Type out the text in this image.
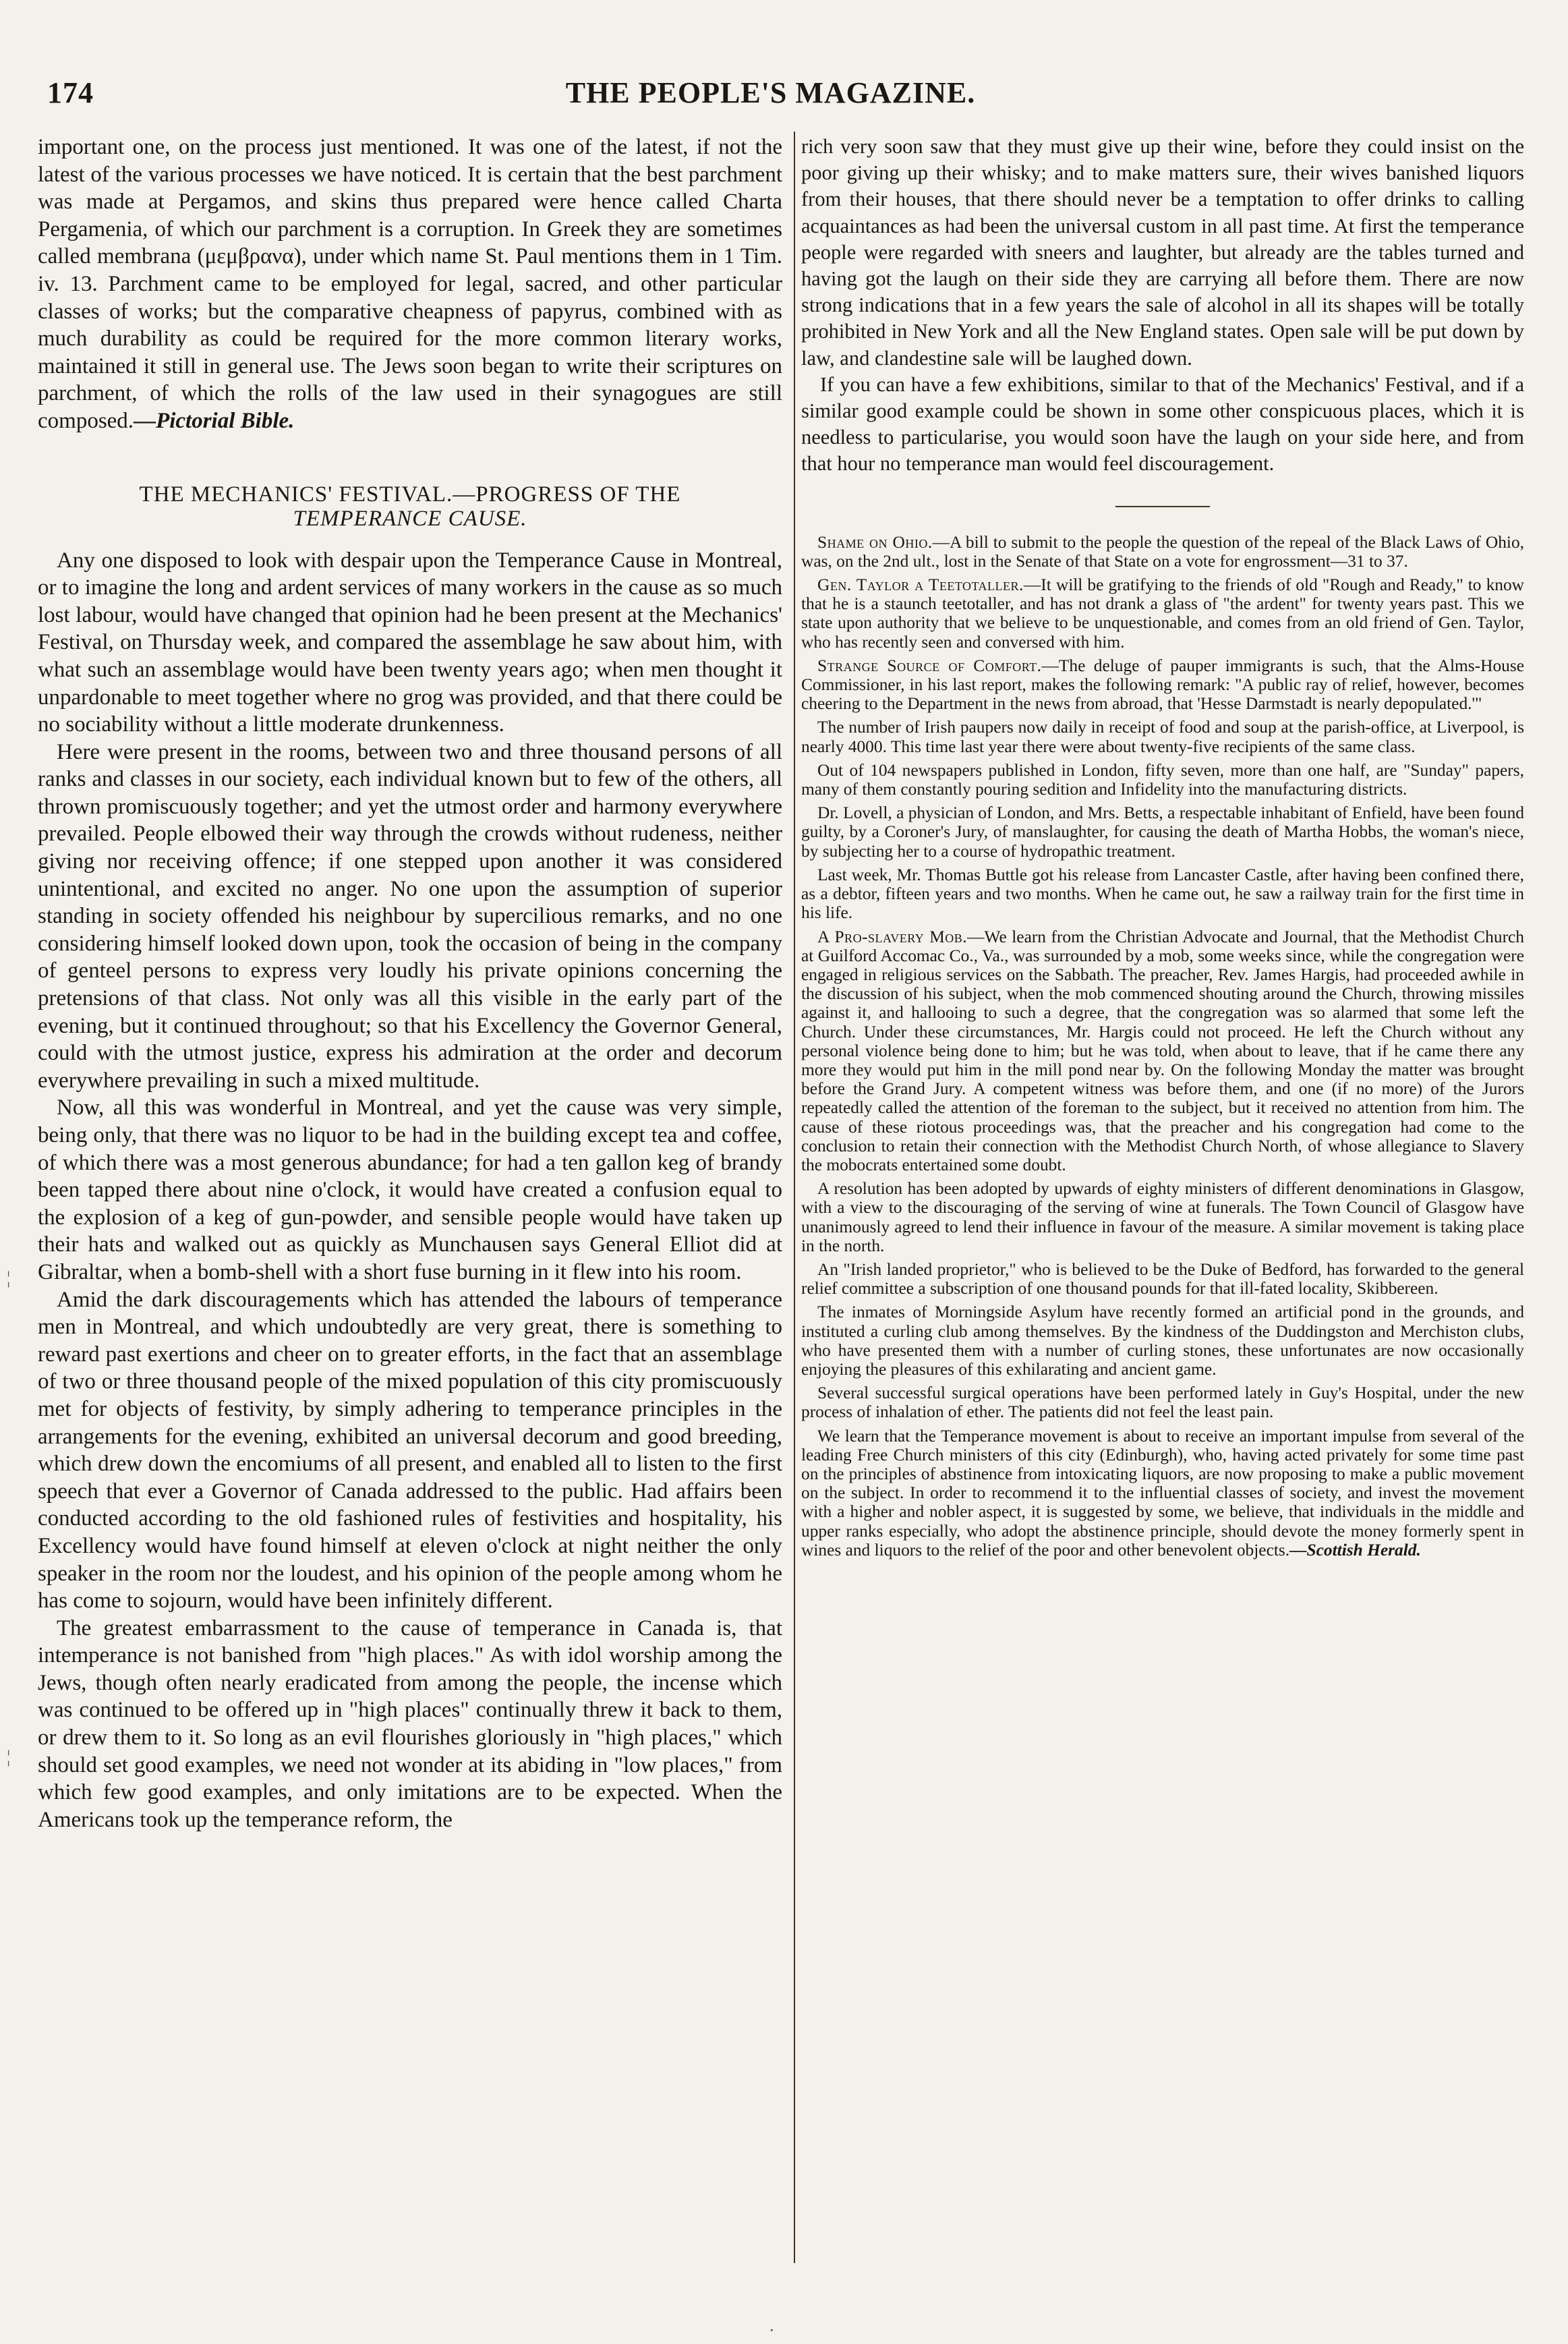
174	THE PEOPLE'S MAGAZINE.

important one, on the process just mentioned. It was one of the latest, if not the latest of the various processes we have noticed. It is certain that the best parchment was made at Pergamos, and skins thus prepared were hence called Charta Pergamenia, of which our parchment is a corruption. In Greek they are sometimes called membrana (μεμβρανα), under which name St. Paul mentions them in 1 Tim. iv. 13. Parchment came to be employed for legal, sacred, and other particular classes of works; but the comparative cheapness of papyrus, combined with as much durability as could be required for the more common literary works, maintained it still in general use. The Jews soon began to write their scriptures on parchment, of which the rolls of the law used in their synagogues are still composed.—Pictorial Bible.

THE MECHANICS' FESTIVAL.—PROGRESS OF THE
TEMPERANCE CAUSE.

Any one disposed to look with despair upon the Temperance Cause in Montreal, or to imagine the long and ardent services of many workers in the cause as so much lost labour, would have changed that opinion had he been present at the Mechanics' Festival, on Thursday week, and compared the assemblage he saw about him, with what such an assemblage would have been twenty years ago; when men thought it unpardonable to meet together where no grog was provided, and that there could be no sociability without a little moderate drunkenness.

Here were present in the rooms, between two and three thousand persons of all ranks and classes in our society, each individual known but to few of the others, all thrown promiscuously together; and yet the utmost order and harmony everywhere prevailed. People elbowed their way through the crowds without rudeness, neither giving nor receiving offence; if one stepped upon another it was considered unintentional, and excited no anger. No one upon the assumption of superior standing in society offended his neighbour by supercilious remarks, and no one considering himself looked down upon, took the occasion of being in the company of genteel persons to express very loudly his private opinions concerning the pretensions of that class. Not only was all this visible in the early part of the evening, but it continued throughout; so that his Excellency the Governor General, could with the utmost justice, express his admiration at the order and decorum everywhere prevailing in such a mixed multitude.

Now, all this was wonderful in Montreal, and yet the cause was very simple, being only, that there was no liquor to be had in the building except tea and coffee, of which there was a most generous abundance; for had a ten gallon keg of brandy been tapped there about nine o'clock, it would have created a confusion equal to the explosion of a keg of gun-powder, and sensible people would have taken up their hats and walked out as quickly as Munchausen says General Elliot did at Gibraltar, when a bomb-shell with a short fuse burning in it flew into his room.

Amid the dark discouragements which has attended the labours of temperance men in Montreal, and which undoubtedly are very great, there is something to reward past exertions and cheer on to greater efforts, in the fact that an assemblage of two or three thousand people of the mixed population of this city promiscuously met for objects of festivity, by simply adhering to temperance principles in the arrangements for the evening, exhibited an universal decorum and good breeding, which drew down the encomiums of all present, and enabled all to listen to the first speech that ever a Governor of Canada addressed to the public. Had affairs been conducted according to the old fashioned rules of festivities and hospitality, his Excellency would have found himself at eleven o'clock at night neither the only speaker in the room nor the loudest, and his opinion of the people among whom he has come to sojourn, would have been infinitely different.

The greatest embarrassment to the cause of temperance in Canada is, that intemperance is not banished from "high places." As with idol worship among the Jews, though often nearly eradicated from among the people, the incense which was continued to be offered up in "high places" continually threw it back to them, or drew them to it. So long as an evil flourishes gloriously in "high places," which should set good examples, we need not wonder at its abiding in "low places," from which few good examples, and only imitations are to be expected. When the Americans took up the temperance reform, the

rich very soon saw that they must give up their wine, before they could insist on the poor giving up their whisky; and to make matters sure, their wives banished liquors from their houses, that there should never be a temptation to offer drinks to calling acquaintances as had been the universal custom in all past time. At first the temperance people were regarded with sneers and laughter, but already are the tables turned and having got the laugh on their side they are carrying all before them. There are now strong indications that in a few years the sale of alcohol in all its shapes will be totally prohibited in New York and all the New England states. Open sale will be put down by law, and clandestine sale will be laughed down.

If you can have a few exhibitions, similar to that of the Mechanics' Festival, and if a similar good example could be shown in some other conspicuous places, which it is needless to particularise, you would soon have the laugh on your side here, and from that hour no temperance man would feel discouragement.

Shame on Ohio.—A bill to submit to the people the question of the repeal of the Black Laws of Ohio, was, on the 2nd ult., lost in the Senate of that State on a vote for engrossment—31 to 37.

Gen. Taylor a Teetotaller.—It will be gratifying to the friends of old "Rough and Ready," to know that he is a staunch teetotaller, and has not drank a glass of "the ardent" for twenty years past. This we state upon authority that we believe to be unquestionable, and comes from an old friend of Gen. Taylor, who has recently seen and conversed with him.

Strange Source of Comfort.—The deluge of pauper immigrants is such, that the Alms-House Commissioner, in his last report, makes the following remark: "A public ray of relief, however, becomes cheering to the Department in the news from abroad, that 'Hesse Darmstadt is nearly depopulated.'"

The number of Irish paupers now daily in receipt of food and soup at the parish-office, at Liverpool, is nearly 4000. This time last year there were about twenty-five recipients of the same class.

Out of 104 newspapers published in London, fifty seven, more than one half, are "Sunday" papers, many of them constantly pouring sedition and Infidelity into the manufacturing districts.

Dr. Lovell, a physician of London, and Mrs. Betts, a respectable inhabitant of Enfield, have been found guilty, by a Coroner's Jury, of manslaughter, for causing the death of Martha Hobbs, the woman's niece, by subjecting her to a course of hydropathic treatment.

Last week, Mr. Thomas Buttle got his release from Lancaster Castle, after having been confined there, as a debtor, fifteen years and two months. When he came out, he saw a railway train for the first time in his life.

A Pro-slavery Mob.—We learn from the Christian Advocate and Journal, that the Methodist Church at Guilford Accomac Co., Va., was surrounded by a mob, some weeks since, while the congregation were engaged in religious services on the Sabbath. The preacher, Rev. James Hargis, had proceeded awhile in the discussion of his subject, when the mob commenced shouting around the Church, throwing missiles against it, and hallooing to such a degree, that the congregation was so alarmed that some left the Church. Under these circumstances, Mr. Hargis could not proceed. He left the Church without any personal violence being done to him; but he was told, when about to leave, that if he came there any more they would put him in the mill pond near by. On the following Monday the matter was brought before the Grand Jury. A competent witness was before them, and one (if no more) of the Jurors repeatedly called the attention of the foreman to the subject, but it received no attention from him. The cause of these riotous proceedings was, that the preacher and his congregation had come to the conclusion to retain their connection with the Methodist Church North, of whose allegiance to Slavery the mobocrats entertained some doubt.

A resolution has been adopted by upwards of eighty ministers of different denominations in Glasgow, with a view to the discouraging of the serving of wine at funerals. The Town Council of Glasgow have unanimously agreed to lend their influence in favour of the measure. A similar movement is taking place in the north.

An "Irish landed proprietor," who is believed to be the Duke of Bedford, has forwarded to the general relief committee a subscription of one thousand pounds for that ill-fated locality, Skibbereen.

The inmates of Morningside Asylum have recently formed an artificial pond in the grounds, and instituted a curling club among themselves. By the kindness of the Duddingston and Merchiston clubs, who have presented them with a number of curling stones, these unfortunates are now occasionally enjoying the pleasures of this exhilarating and ancient game.

Several successful surgical operations have been performed lately in Guy's Hospital, under the new process of inhalation of ether. The patients did not feel the least pain.

We learn that the Temperance movement is about to receive an important impulse from several of the leading Free Church ministers of this city (Edinburgh), who, having acted privately for some time past on the principles of abstinence from intoxicating liquors, are now proposing to make a public movement on the subject. In order to recommend it to the influential classes of society, and invest the movement with a higher and nobler aspect, it is suggested by some, we believe, that individuals in the middle and upper ranks especially, who adopt the abstinence principle, should devote the money formerly spent in wines and liquors to the relief of the poor and other benevolent objects.—Scottish Herald.

¦
¦
·
